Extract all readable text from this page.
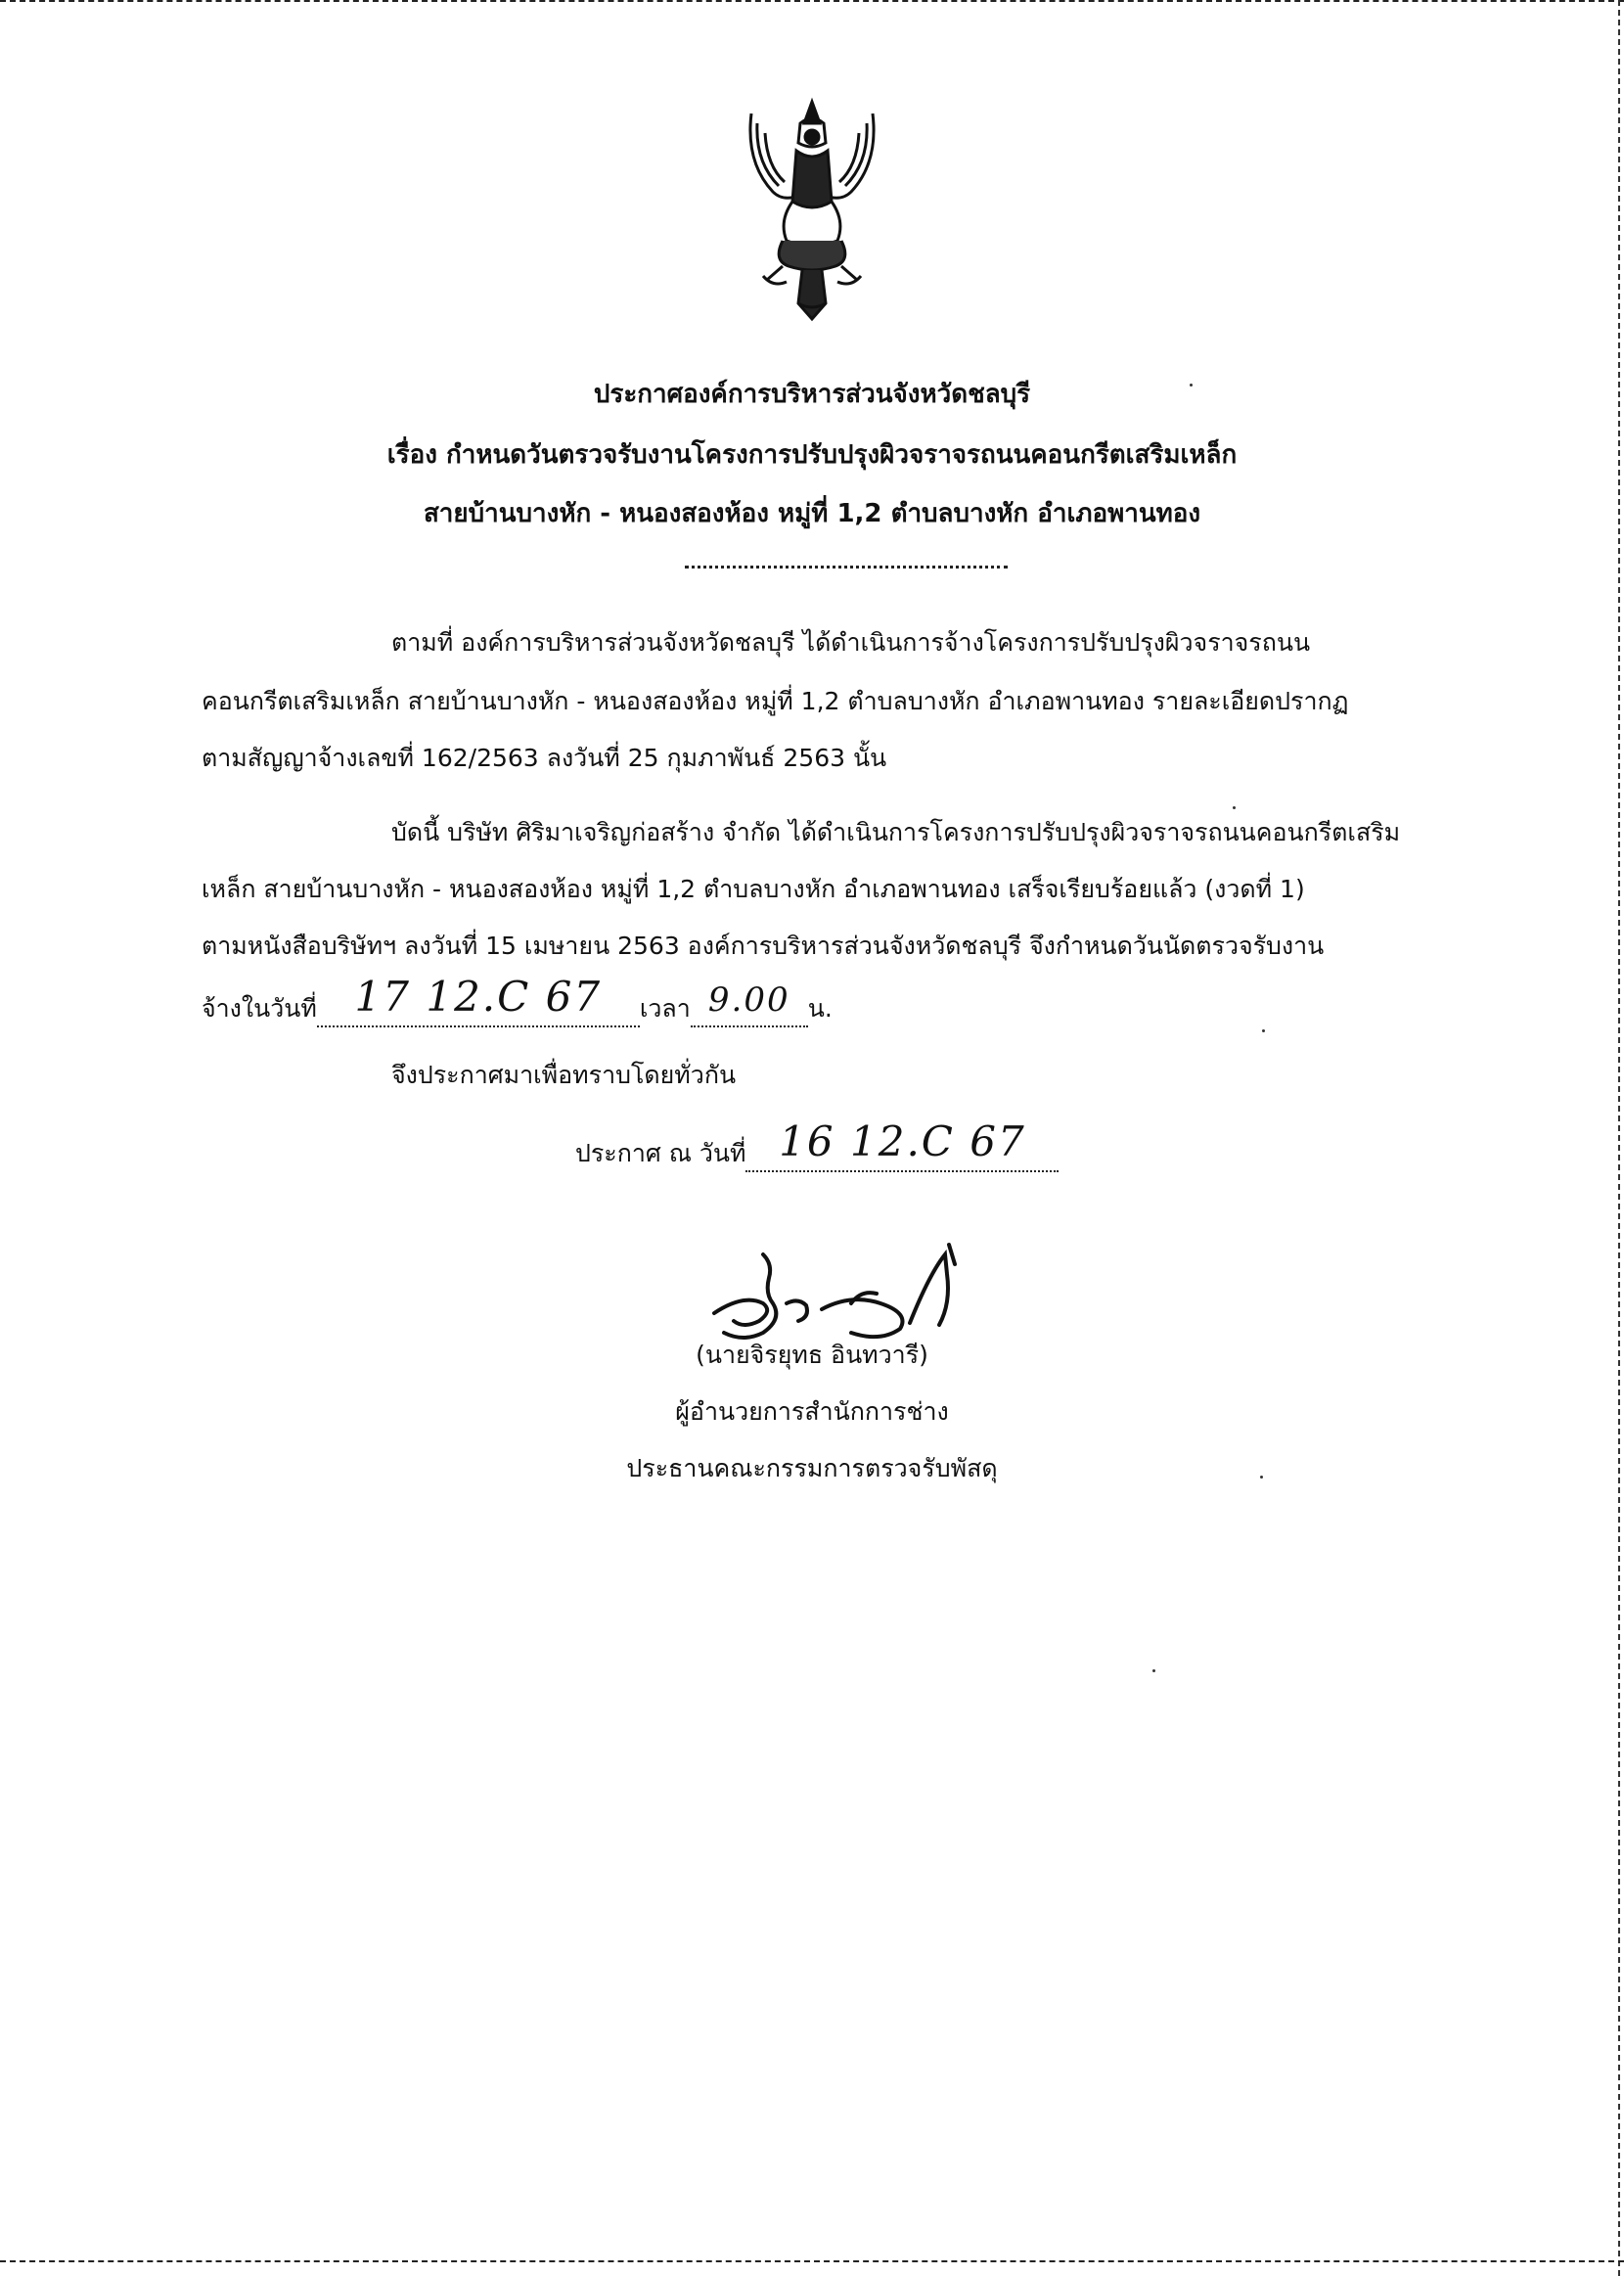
ประกาศองค์การบริหารส่วนจังหวัดชลบุรี
เรื่อง กำหนดวันตรวจรับงานโครงการปรับปรุงผิวจราจรถนนคอนกรีตเสริมเหล็ก
สายบ้านบางหัก - หนองสองห้อง หมู่ที่ 1,2 ตำบลบางหัก อำเภอพานทอง
ตามที่ องค์การบริหารส่วนจังหวัดชลบุรี ได้ดำเนินการจ้างโครงการปรับปรุงผิวจราจรถนน
คอนกรีตเสริมเหล็ก สายบ้านบางหัก - หนองสองห้อง หมู่ที่ 1,2 ตำบลบางหัก อำเภอพานทอง รายละเอียดปรากฏ
ตามสัญญาจ้างเลขที่ 162/2563 ลงวันที่ 25 กุมภาพันธ์ 2563 นั้น
บัดนี้ บริษัท ศิริมาเจริญก่อสร้าง จำกัด ได้ดำเนินการโครงการปรับปรุงผิวจราจรถนนคอนกรีตเสริม
เหล็ก สายบ้านบางหัก - หนองสองห้อง หมู่ที่ 1,2 ตำบลบางหัก อำเภอพานทอง เสร็จเรียบร้อยแล้ว (งวดที่ 1)
ตามหนังสือบริษัทฯ ลงวันที่ 15 เมษายน 2563 องค์การบริหารส่วนจังหวัดชลบุรี จึงกำหนดวันนัดตรวจรับงาน
จ้างในวันที่ 17 12.C 67 เวลา 9.00 น.
จึงประกาศมาเพื่อทราบโดยทั่วกัน
ประกาศ ณ วันที่ 16 12.C 67
(นายจิรยุทธ อินทวารี)
ผู้อำนวยการสำนักการช่าง
ประธานคณะกรรมการตรวจรับพัสดุ
